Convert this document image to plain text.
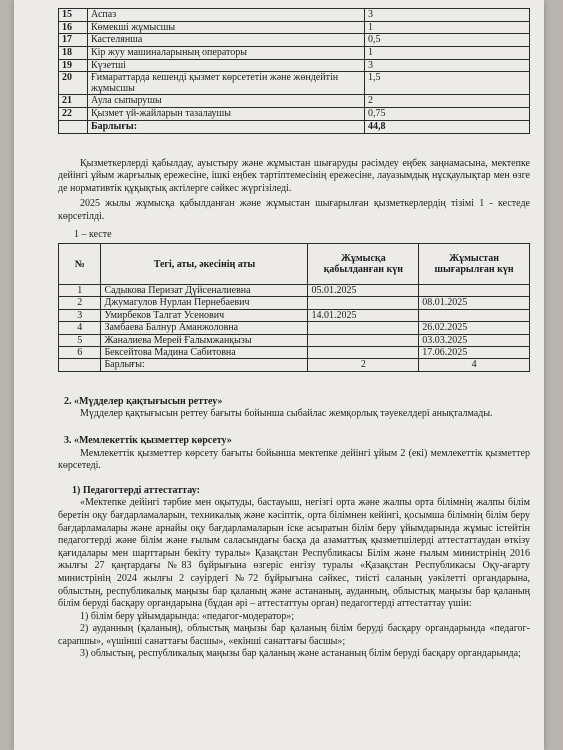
15	Аспаз	3
16	Көмекші жұмысшы	1
17	Кастелянша	0,5
18	Кір жуу машиналарының операторы	1
19	Күзетші	3
20	Ғимараттарда кешенді қызмет көрсететін және жөндейтін жұмысшы	1,5
21	Аула сыпырушы	2
22	Қызмет үй-жайларын тазалаушы	0,75
	Барлығы:	44,8

Қызметкерлерді қабылдау, ауыстыру және жұмыстан шығаруды рәсімдеу еңбек заңнамасына, мектепке дейінгі ұйым жарғылық ережесіне, ішкі еңбек тәртіптемесінің ережесіне, лауазымдық нұсқаулықтар мен өзге де нормативтік құқықтық актілерге сәйкес жүргізіледі.

2025 жылы жұмысқа қабылданған және жұмыстан шығарылған қызметкерлердің тізімі 1 - кестеде көрсетілді.

1 – кесте
№	Тегі, аты, әкесінің аты	Жұмысқа қабылданған күн	Жұмыстан шығарылған күн
1	Садыкова Перизат Дүйсеналиевна	05.01.2025	
2	Джумагулов Нурлан Пернебаевич		08.01.2025
3	Умирбеков Талгат Усенович	14.01.2025	
4	Замбаева Балнур Аманжоловна		26.02.2025
5	Жаналиева Мерей Ғалымжанқызы		03.03.2025
6	Бексейтова Мадина Сабитовна		17.06.2025
	Барлығы:	2	4
2. «Мүдделер қақтығысын реттеу»

Мүдделер қақтығысын реттеу бағыты бойынша сыбайлас жемқорлық тәуекелдері анықталмады.

3. «Мемлекеттік қызметтер көрсету»

Мемлекеттік қызметтер көрсету бағыты бойынша мектепке дейінгі ұйым 2 (екі) мемлекеттік қызметтер көрсетеді.

1) Педагогтерді аттестаттау:

«Мектепке дейінгі тәрбие мен оқытуды, бастауыш, негізгі орта және жалпы орта білімнің жалпы білім беретін оқу бағдарламаларын, техникалық және кәсіптік, орта білімнен кейінгі, қосымша білімнің білім беру бағдарламалары және арнайы оқу бағдарламаларын іске асыратын білім беру ұйымдарында жұмыс істейтін педагогтерді және білім және ғылым саласындағы басқа да азаматтық қызметшілерді аттестаттаудан өткізу қағидалары мен шарттарын бекіту туралы» Қазақстан Республикасы Білім және ғылым министрінің 2016 жылғы 27 қаңтардағы №83 бұйрығына өзгеріс енгізу туралы «Қазақстан Республикасы Оқу-ағарту министрінің 2024 жылғы 2 сәуірдегі №72 бұйрығына сәйкес, тиісті саланың уәкілетті органдарына, облыстың, республикалық маңызы бар қаланың және астананың, ауданның, облыстық маңызы бар қаланың білім беруді басқару органдарына (бұдан әрі – аттестаттуы орган) педагогтерді аттестаттау үшін:

1) білім беру ұйымдарында: «педагог-модератор»;

2) ауданның (қаланың), облыстық маңызы бар қаланың білім беруді басқару органдарында «педагог-сарапшы», «үшінші санаттағы басшы», «екінші санаттағы басшы»;

3) облыстың, республикалық маңызы бар қаланың және астананың білім беруді басқару органдарында;
